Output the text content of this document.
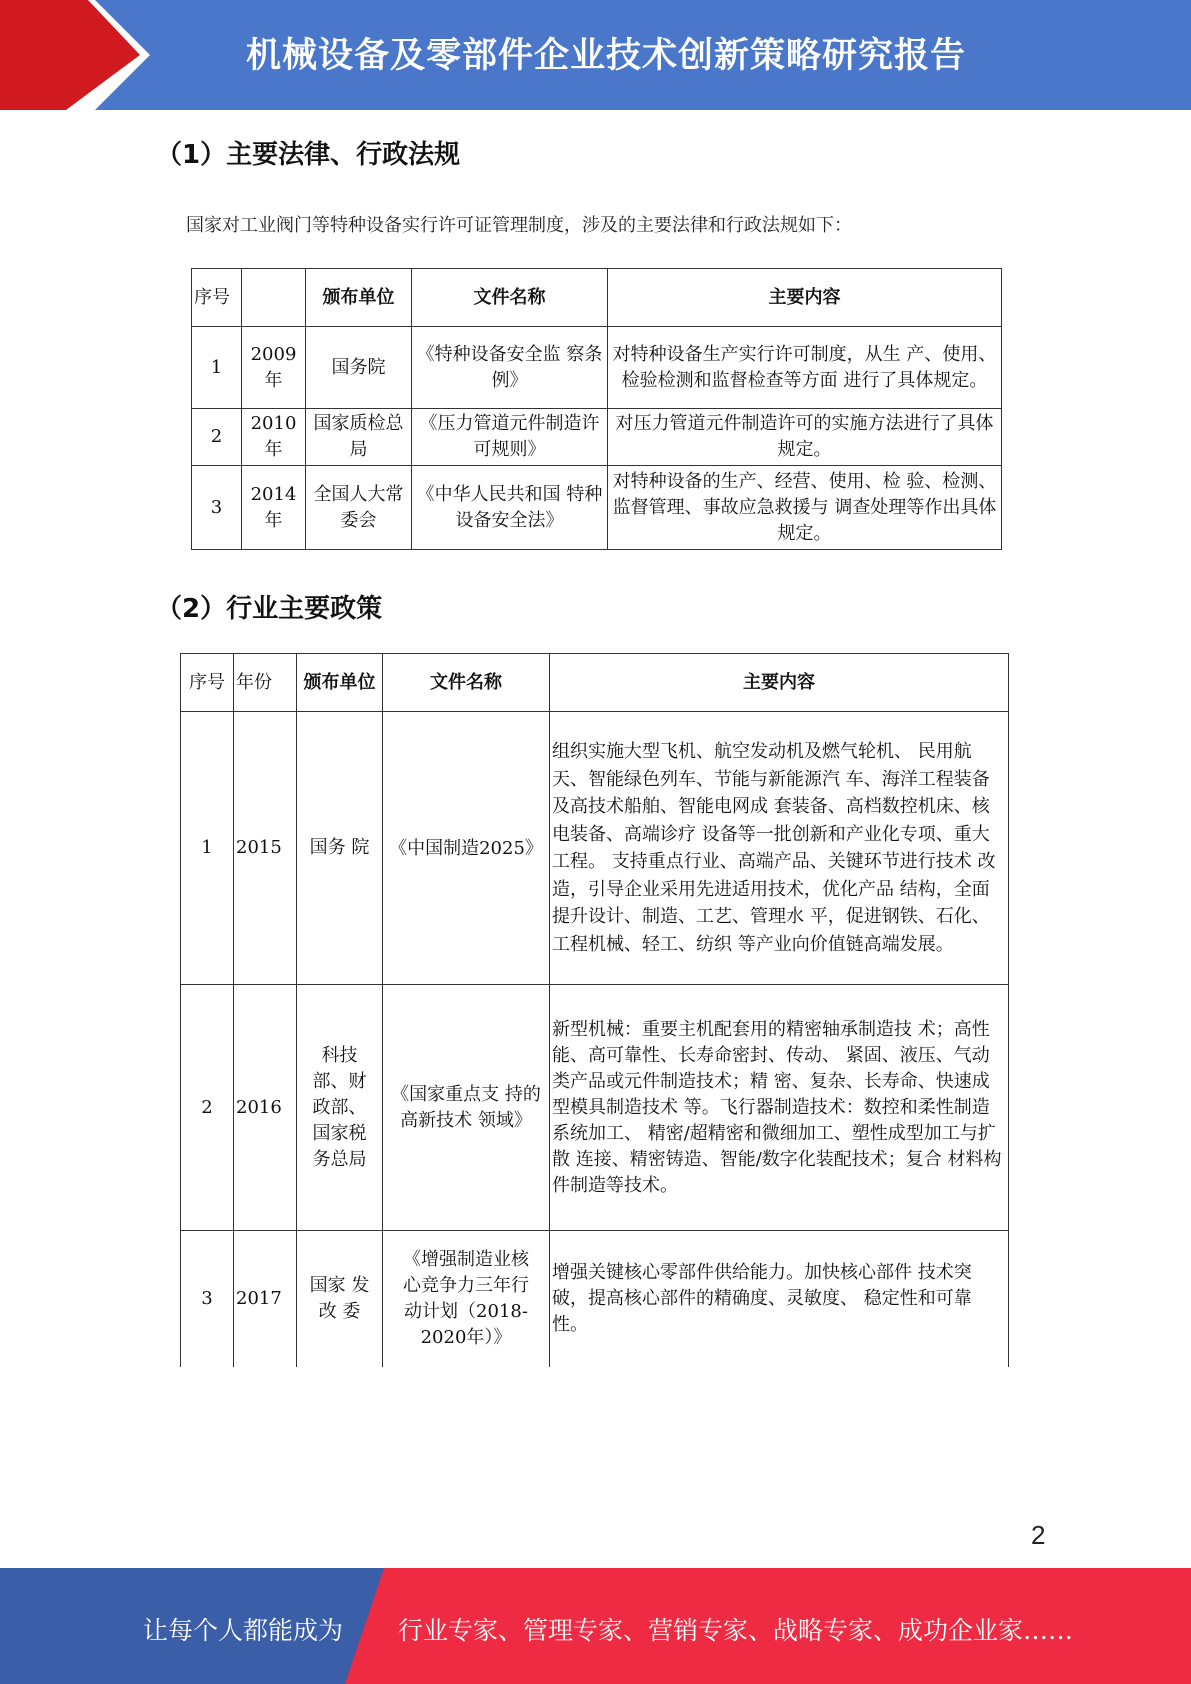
机械设备及零部件企业技术创新策略研究报告
（1）主要法律、行政法规
国家对工业阀门等特种设备实行许可证管理制度，涉及的主要法律和行政法规如下：
序号		颁布单位	文件名称	主要内容
1	2009年	国务院	《特种设备安全监 察条例》	对特种设备生产实行许可制度，从生 产、使用、检验检测和监督检查等方面 进行了具体规定。
2	2010年	国家质检总局	《压力管道元件制造许可规则》	对压力管道元件制造许可的实施方法进行了具体规定。
3	2014年	全国人大常委会	《中华人民共和国 特种设备安全法》	对特种设备的生产、经营、使用、检 验、检测、监督管理、事故应急救援与 调查处理等作出具体规定。
（2）行业主要政策
序号	年份	颁布单位	文件名称	主要内容
1	2015	国务 院	《中国制造2025》	组织实施大型飞机、航空发动机及燃气轮机、 民用航天、智能绿色列车、节能与新能源汽 车、海洋工程装备及高技术船舶、智能电网成 套装备、高档数控机床、核电装备、高端诊疗 设备等一批创新和产业化专项、重大工程。 支持重点行业、高端产品、关键环节进行技术 改造，引导企业采用先进适用技术，优化产品 结构，全面提升设计、制造、工艺、管理水 平，促进钢铁、石化、工程机械、轻工、纺织 等产业向价值链高端发展。
2	2016	科技部、财政部、国家税务总局	《国家重点支 持的高新技术 领域》	新型机械：重要主机配套用的精密轴承制造技 术；高性能、高可靠性、长寿命密封、传动、 紧固、液压、气动类产品或元件制造技术；精 密、复杂、长寿命、快速成型模具制造技术 等。飞行器制造技术：数控和柔性制造系统加工、 精密/超精密和微细加工、塑性成型加工与扩散 连接、精密铸造、智能/数字化装配技术；复合 材料构件制造等技术。
3	2017	国家 发改 委	《增强制造业核心竞争力三年行动计划（2018-2020年）》	增强关键核心零部件供给能力。加快核心部件 技术突破，提高核心部件的精确度、灵敏度、 稳定性和可靠性。
2
让每个人都能成为 行业专家、管理专家、营销专家、战略专家、成功企业家……
